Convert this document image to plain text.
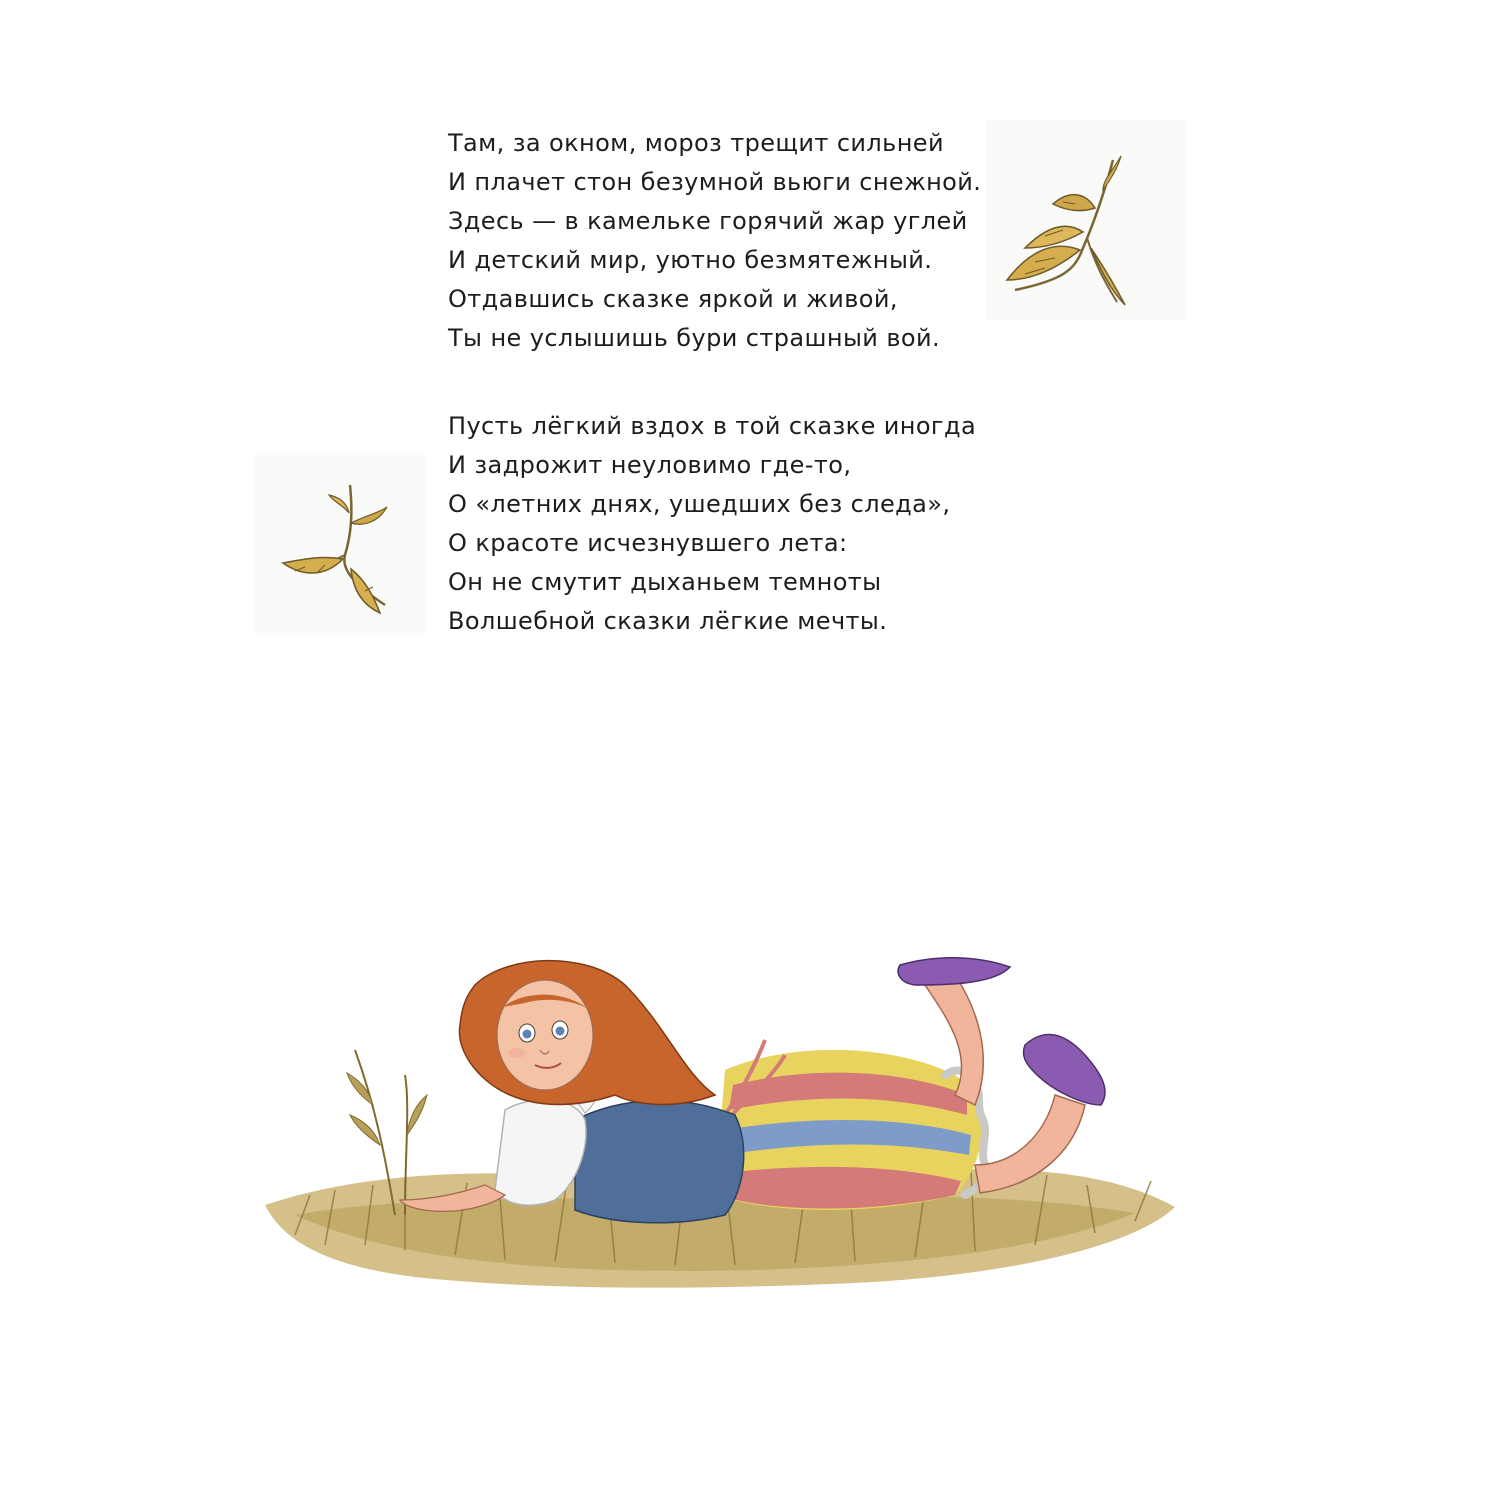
Там, за окном, мороз трещит сильней
И плачет стон безумной вьюги снежной.
Здесь — в камельке горячий жар углей
И детский мир, уютно безмятежный.
Отдавшись сказке яркой и живой,
Ты не услышишь бури страшный вой.
Пусть лёгкий вздох в той сказке иногда
И задрожит неуловимо где-то,
О «летних днях, ушедших без следа»,
О красоте исчезнувшего лета:
Он не смутит дыханьем темноты
Волшебной сказки лёгкие мечты.
